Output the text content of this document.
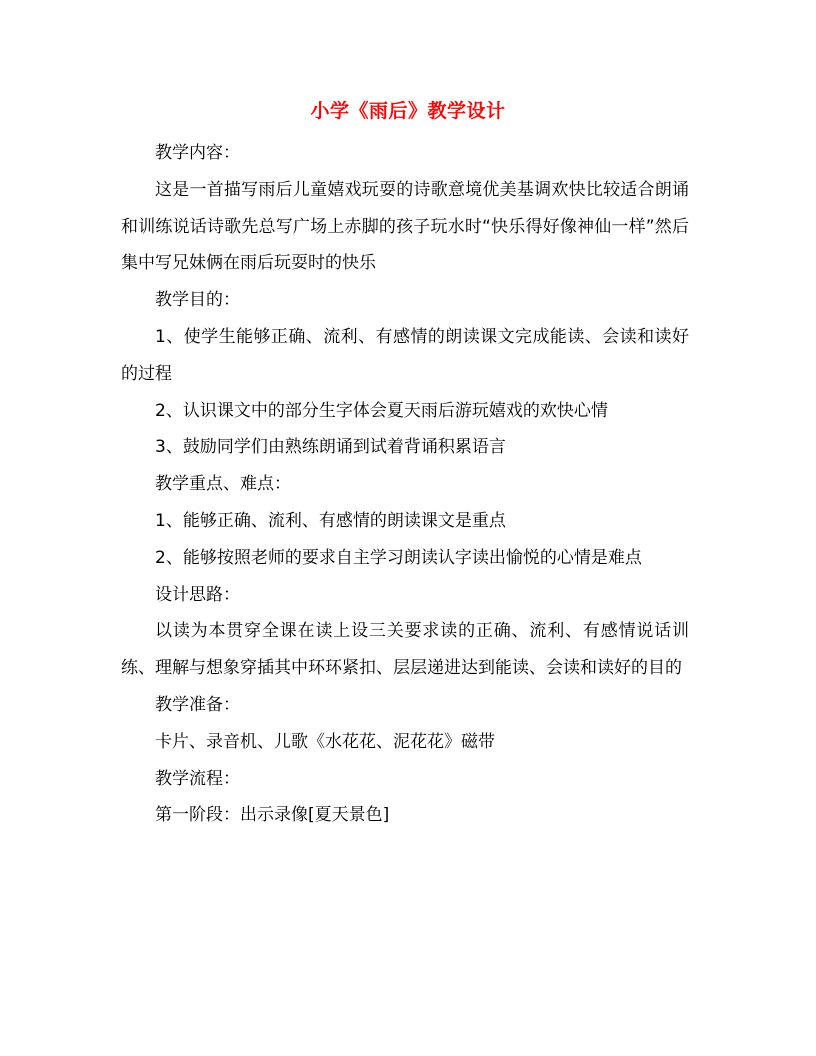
小学《雨后》教学设计

教学内容：

这是一首描写雨后儿童嬉戏玩耍的诗歌意境优美基调欢快比较适合朗诵和训练说话诗歌先总写广场上赤脚的孩子玩水时“快乐得好像神仙一样”然后集中写兄妹俩在雨后玩耍时的快乐

教学目的：

1、使学生能够正确、流利、有感情的朗读课文完成能读、会读和读好的过程

2、认识课文中的部分生字体会夏天雨后游玩嬉戏的欢快心情

3、鼓励同学们由熟练朗诵到试着背诵积累语言

教学重点、难点：

1、能够正确、流利、有感情的朗读课文是重点

2、能够按照老师的要求自主学习朗读认字读出愉悦的心情是难点

设计思路：

以读为本贯穿全课在读上设三关要求读的正确、流利、有感情说话训练、理解与想象穿插其中环环紧扣、层层递进达到能读、会读和读好的目的

教学准备：

卡片、录音机、儿歌《水花花、泥花花》磁带

教学流程：

第一阶段：出示录像[夏天景色]
